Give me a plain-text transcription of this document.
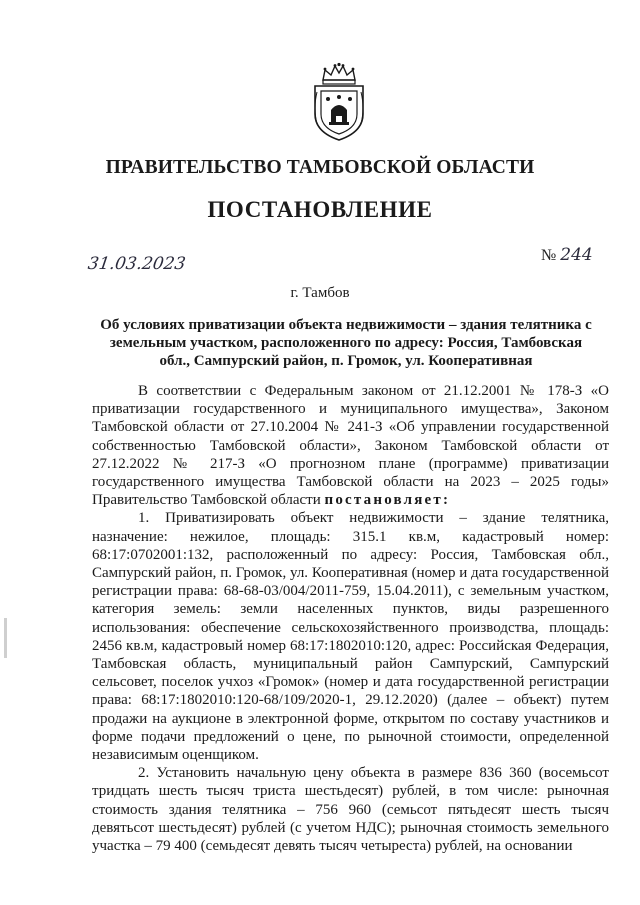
ПРАВИТЕЛЬСТВО ТАМБОВСКОЙ ОБЛАСТИ
ПОСТАНОВЛЕНИЕ
31.03.2023	№ 244
г. Тамбов
Об условиях приватизации объекта недвижимости – здания телятника с земельным участком, расположенного по адресу: Россия, Тамбовская обл., Сампурский район, п. Громок, ул. Кооперативная

В соответствии с Федеральным законом от 21.12.2001 № 178-З «О приватизации государственного и муниципального имущества», Законом Тамбовской области от 27.10.2004 № 241-З «Об управлении государственной собственностью Тамбовской области», Законом Тамбовской области от 27.12.2022 № 217-З «О прогнозном плане (программе) приватизации государственного имущества Тамбовской области на 2023 – 2025 годы» Правительство Тамбовской области постановляет:

1. Приватизировать объект недвижимости – здание телятника, назначение: нежилое, площадь: 315.1 кв.м, кадастровый номер: 68:17:0702001:132, расположенный по адресу: Россия, Тамбовская обл., Сампурский район, п. Громок, ул. Кооперативная (номер и дата государственной регистрации права: 68-68-03/004/2011-759, 15.04.2011), с земельным участком, категория земель: земли населенных пунктов, виды разрешенного использования: обеспечение сельскохозяйственного производства, площадь: 2456 кв.м, кадастровый номер 68:17:1802010:120, адрес: Российская Федерация, Тамбовская область, муниципальный район Сампурский, Сампурский сельсовет, поселок учхоз «Громок» (номер и дата государственной регистрации права: 68:17:1802010:120-68/109/2020-1, 29.12.2020) (далее – объект) путем продажи на аукционе в электронной форме, открытом по составу участников и форме подачи предложений о цене, по рыночной стоимости, определенной независимым оценщиком.

2. Установить начальную цену объекта в размере 836 360 (восемьсот тридцать шесть тысяч триста шестьдесят) рублей, в том числе: рыночная стоимость здания телятника – 756 960 (семьсот пятьдесят шесть тысяч девятьсот шестьдесят) рублей (с учетом НДС); рыночная стоимость земельного участка – 79 400 (семьдесят девять тысяч четыреста) рублей, на основании
